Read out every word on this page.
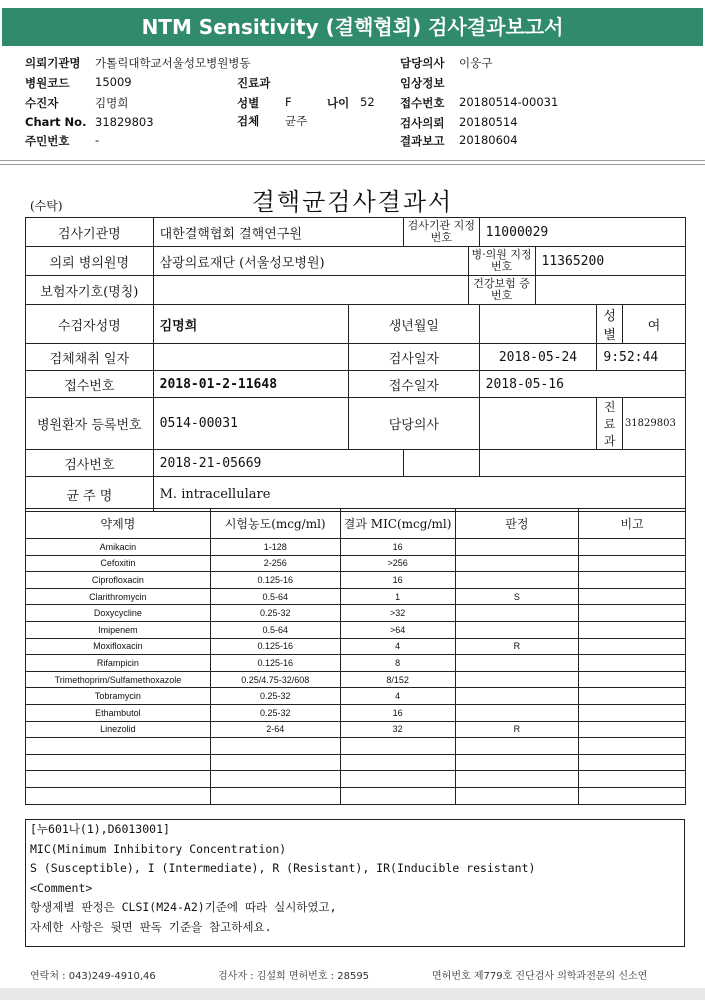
NTM Sensitivity (결핵협회) 검사결과보고서
의뢰기관명 가톨릭대학교서울성모병원병동	담당의사 이웅구
병원코드 15009	진료과	임상정보
수진자	김명희	성별 F	나이 52 접수번호 20180514-00031
Chart No. 31829803	검체 균주	검사의뢰 20180514
주민번호 -	결과보고 20180604
결핵균검사결과서
(수탁)
검사기관명	대한결핵협회 결핵연구원		검사기관 지정번호		11000029			
의뢰 병의원명	삼광의료재단 (서울성모병원)			병·의원 지정번호		11365200		
보험자기호(명칭)				건강보험 증번호				
수검자성명	김명희	생년월일					성별	여
검체채취 일자		검사일자			2018-05-24		9:52:44	
접수번호	2018-01-2-11648	접수일자			2018-05-16			
병원환자 등록번호	0514-00031	담당의사					진료과	31829803
검사번호	2018-21-05669							
균 주 명	M. intracellulare							
약제명	시험농도(mcg/ml)	결과 MIC(mcg/ml)	판정	비고
Amikacin	1-128	16		
Cefoxitin	2-256	>256		
Ciprofloxacin	0.125-16	16		
Clarithromycin	0.5-64	1	S	
Doxycycline	0.25-32	>32		
Imipenem	0.5-64	>64		
Moxifloxacin	0.125-16	4	R	
Rifampicin	0.125-16	8		
Trimethoprim/Sulfamethoxazole	0.25/4.75-32/608	8/152		
Tobramycin	0.25-32	4		
Ethambutol	0.25-32	16		
Linezolid	2-64	32	R	

[누601나(1),D6013001]
MIC(Minimum Inhibitory Concentration)
S (Susceptible), I (Intermediate), R (Resistant), IR(Inducible resistant)
<Comment>
항생제별 판정은 CLSI(M24-A2)기준에 따라 실시하였고,
자세한 사항은 뒷면 판독 기준을 참고하세요.
연락처 : 043)249-4910,46	검사자 : 김설희 면허번호 : 28595	면허번호 제779호 진단검사 의학과전문의 신소연
